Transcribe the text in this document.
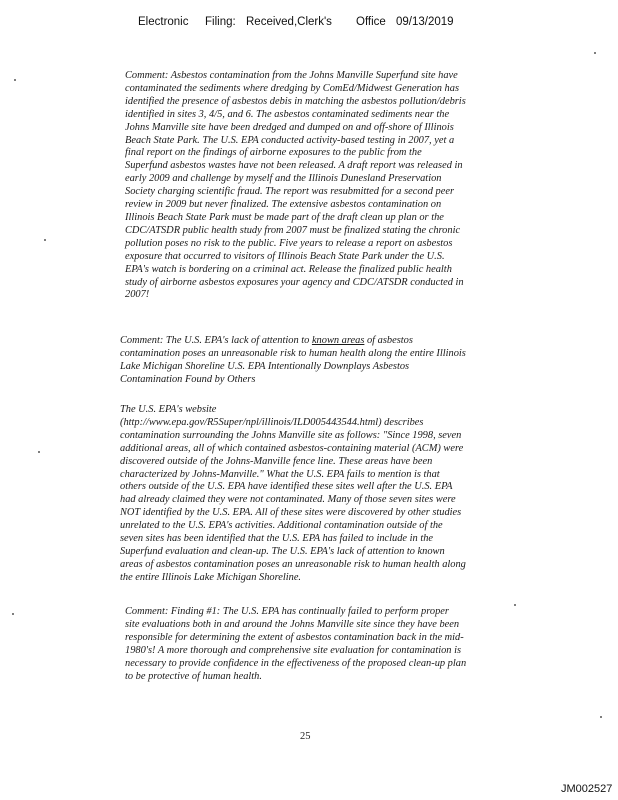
Electronic Filing: Received,Clerk's Office 09/13/2019
Comment: Asbestos contamination from the Johns Manville Superfund site have
contaminated the sediments where dredging by ComEd/Midwest Generation has
identified the presence of asbestos debis in matching the asbestos pollution/debris
identified in sites 3, 4/5, and 6. The asbestos contaminated sediments near the
Johns Manville site have been dredged and dumped on and off-shore of Illinois
Beach State Park. The U.S. EPA conducted activity-based testing in 2007, yet a
final report on the findings of airborne exposures to the public from the
Superfund asbestos wastes have not been released. A draft report was released in
early 2009 and challenge by myself and the Illinois Dunesland Preservation
Society charging scientific fraud. The report was resubmitted for a second peer
review in 2009 but never finalized. The extensive asbestos contamination on
Illinois Beach State Park must be made part of the draft clean up plan or the
CDC/ATSDR public health study from 2007 must be finalized stating the chronic
pollution poses no risk to the public. Five years to release a report on asbestos
exposure that occurred to visitors of Illinois Beach State Park under the U.S.
EPA's watch is bordering on a criminal act. Release the finalized public health
study of airborne asbestos exposures your agency and CDC/ATSDR conducted in
2007!
Comment: The U.S. EPA's lack of attention to known areas of asbestos
contamination poses an unreasonable risk to human health along the entire Illinois
Lake Michigan Shoreline U.S. EPA Intentionally Downplays Asbestos
Contamination Found by Others
The U.S. EPA's website
(http://www.epa.gov/R5Super/npl/illinois/ILD005443544.html) describes
contamination surrounding the Johns Manville site as follows: "Since 1998, seven
additional areas, all of which contained asbestos-containing material (ACM) were
discovered outside of the Johns-Manville fence line. These areas have been
characterized by Johns-Manville." What the U.S. EPA fails to mention is that
others outside of the U.S. EPA have identified these sites well after the U.S. EPA
had already claimed they were not contaminated. Many of those seven sites were
NOT identified by the U.S. EPA. All of these sites were discovered by other studies
unrelated to the U.S. EPA's activities. Additional contamination outside of the
seven sites has been identified that the U.S. EPA has failed to include in the
Superfund evaluation and clean-up. The U.S. EPA's lack of attention to known
areas of asbestos contamination poses an unreasonable risk to human health along
the entire Illinois Lake Michigan Shoreline.
Comment: Finding #1: The U.S. EPA has continually failed to perform proper
site evaluations both in and around the Johns Manville site since they have been
responsible for determining the extent of asbestos contamination back in the mid-
1980's! A more thorough and comprehensive site evaluation for contamination is
necessary to provide confidence in the effectiveness of the proposed clean-up plan
to be protective of human health.
25
JM002527
